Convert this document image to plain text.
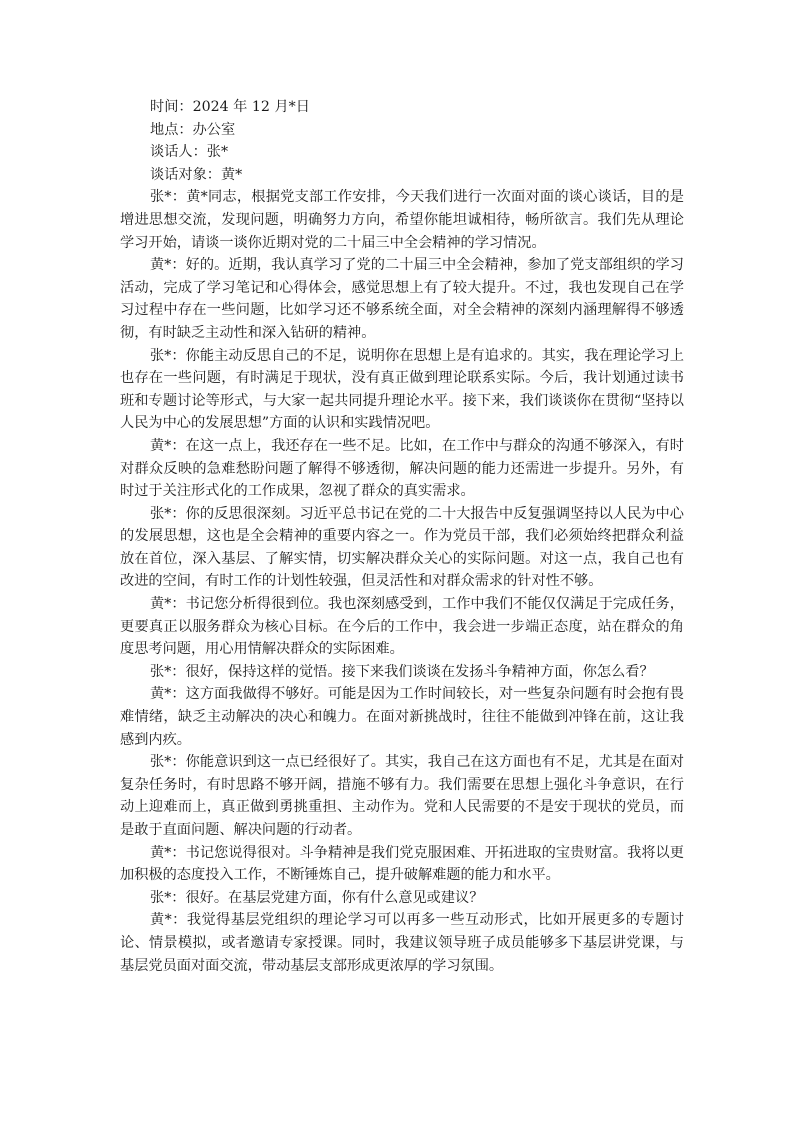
时间：2024 年 12 月*日

地点：办公室

谈话人：张*

谈话对象：黄*

张*：黄*同志，根据党支部工作安排，今天我们进行一次面对面的谈心谈话，目的是增进思想交流，发现问题，明确努力方向，希望你能坦诚相待，畅所欲言。我们先从理论学习开始，请谈一谈你近期对党的二十届三中全会精神的学习情况。

黄*：好的。近期，我认真学习了党的二十届三中全会精神，参加了党支部组织的学习活动，完成了学习笔记和心得体会，感觉思想上有了较大提升。不过，我也发现自己在学习过程中存在一些问题，比如学习还不够系统全面，对全会精神的深刻内涵理解得不够透彻，有时缺乏主动性和深入钻研的精神。

张*：你能主动反思自己的不足，说明你在思想上是有追求的。其实，我在理论学习上也存在一些问题，有时满足于现状，没有真正做到理论联系实际。今后，我计划通过读书班和专题讨论等形式，与大家一起共同提升理论水平。接下来，我们谈谈你在贯彻“坚持以人民为中心的发展思想”方面的认识和实践情况吧。

黄*：在这一点上，我还存在一些不足。比如，在工作中与群众的沟通不够深入，有时对群众反映的急难愁盼问题了解得不够透彻，解决问题的能力还需进一步提升。另外，有时过于关注形式化的工作成果，忽视了群众的真实需求。

张*：你的反思很深刻。习近平总书记在党的二十大报告中反复强调坚持以人民为中心的发展思想，这也是全会精神的重要内容之一。作为党员干部，我们必须始终把群众利益放在首位，深入基层、了解实情，切实解决群众关心的实际问题。对这一点，我自己也有改进的空间，有时工作的计划性较强，但灵活性和对群众需求的针对性不够。

黄*：书记您分析得很到位。我也深刻感受到，工作中我们不能仅仅满足于完成任务，更要真正以服务群众为核心目标。在今后的工作中，我会进一步端正态度，站在群众的角度思考问题，用心用情解决群众的实际困难。

张*：很好，保持这样的觉悟。接下来我们谈谈在发扬斗争精神方面，你怎么看？

黄*：这方面我做得不够好。可能是因为工作时间较长，对一些复杂问题有时会抱有畏难情绪，缺乏主动解决的决心和魄力。在面对新挑战时，往往不能做到冲锋在前，这让我感到内疚。

张*：你能意识到这一点已经很好了。其实，我自己在这方面也有不足，尤其是在面对复杂任务时，有时思路不够开阔，措施不够有力。我们需要在思想上强化斗争意识，在行动上迎难而上，真正做到勇挑重担、主动作为。党和人民需要的不是安于现状的党员，而是敢于直面问题、解决问题的行动者。

黄*：书记您说得很对。斗争精神是我们党克服困难、开拓进取的宝贵财富。我将以更加积极的态度投入工作，不断锤炼自己，提升破解难题的能力和水平。

张*：很好。在基层党建方面，你有什么意见或建议？

黄*：我觉得基层党组织的理论学习可以再多一些互动形式，比如开展更多的专题讨论、情景模拟，或者邀请专家授课。同时，我建议领导班子成员能够多下基层讲党课，与基层党员面对面交流，带动基层支部形成更浓厚的学习氛围。
